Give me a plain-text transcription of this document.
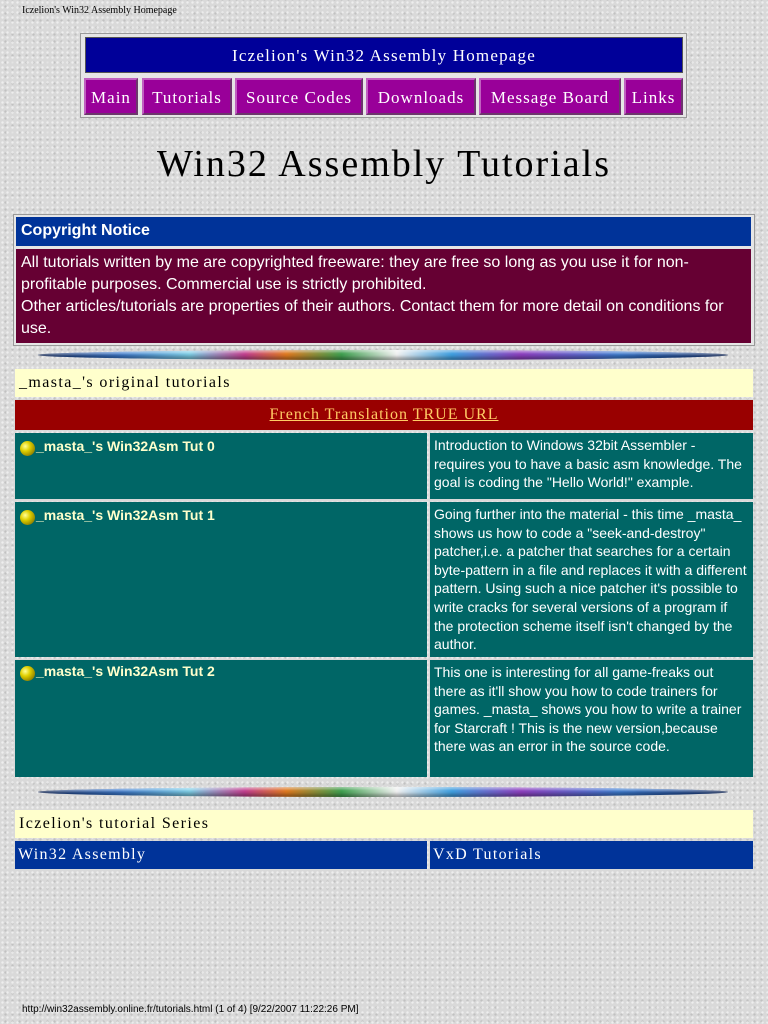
Iczelion's Win32 Assembly Homepage
Iczelion's Win32 Assembly Homepage
Main	Tutorials	Source Codes	Downloads	Message Board	Links
Win32 Assembly Tutorials
Copyright Notice
All tutorials written by me are copyrighted freeware: they are free so long as you use it for non-profitable purposes. Commercial use is strictly prohibited.
Other articles/tutorials are properties of their authors. Contact them for more detail on conditions for use.
_masta_'s original tutorials
French Translation TRUE URL
_masta_'s Win32Asm Tut 0	Introduction to Windows 32bit Assembler - requires you to have a basic asm knowledge. The goal is coding the "Hello World!" example.
_masta_'s Win32Asm Tut 1	Going further into the material - this time _masta_ shows us how to code a "seek-and-destroy" patcher,i.e. a patcher that searches for a certain byte-pattern in a file and replaces it with a different pattern. Using such a nice patcher it's possible to write cracks for several versions of a program if the protection scheme itself isn't changed by the author.
_masta_'s Win32Asm Tut 2	This one is interesting for all game-freaks out there as it'll show you how to code trainers for games. _masta_ shows you how to write a trainer for Starcraft ! This is the new version,because there was an error in the source code.
Iczelion's tutorial Series
Win32 Assembly	VxD Tutorials
http://win32assembly.online.fr/tutorials.html (1 of 4) [9/22/2007 11:22:26 PM]
